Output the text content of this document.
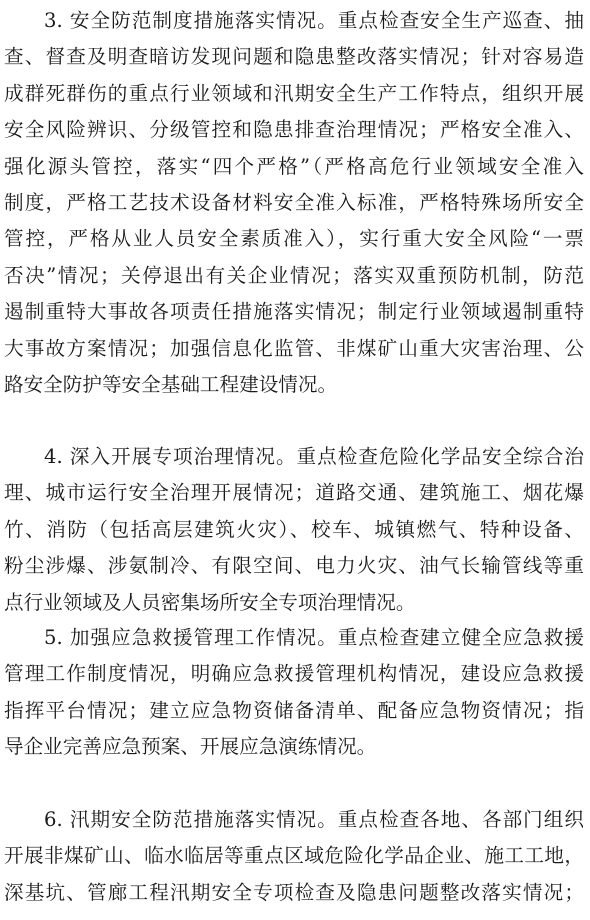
3. 安全防范制度措施落实情况。重点检查安全生产巡查、抽
查、督查及明查暗访发现问题和隐患整改落实情况；针对容易造
成群死群伤的重点行业领域和汛期安全生产工作特点，组织开展
安全风险辨识、分级管控和隐患排查治理情况；严格安全准入、
强化源头管控，落实“四个严格”（严格高危行业领域安全准入
制度，严格工艺技术设备材料安全准入标准，严格特殊场所安全
管控，严格从业人员安全素质准入），实行重大安全风险“一票
否决”情况；关停退出有关企业情况；落实双重预防机制，防范
遏制重特大事故各项责任措施落实情况；制定行业领域遏制重特
大事故方案情况；加强信息化监管、非煤矿山重大灾害治理、公
路安全防护等安全基础工程建设情况。
4. 深入开展专项治理情况。重点检查危险化学品安全综合治
理、城市运行安全治理开展情况；道路交通、建筑施工、烟花爆
竹、消防（包括高层建筑火灾）、校车、城镇燃气、特种设备、
粉尘涉爆、涉氨制冷、有限空间、电力火灾、油气长输管线等重
点行业领域及人员密集场所安全专项治理情况。
5. 加强应急救援管理工作情况。重点检查建立健全应急救援
管理工作制度情况，明确应急救援管理机构情况，建设应急救援
指挥平台情况；建立应急物资储备清单、配备应急物资情况；指
导企业完善应急预案、开展应急演练情况。
6. 汛期安全防范措施落实情况。重点检查各地、各部门组织
开展非煤矿山、临水临居等重点区域危险化学品企业、施工工地，
深基坑、管廊工程汛期安全专项检查及隐患问题整改落实情况；
